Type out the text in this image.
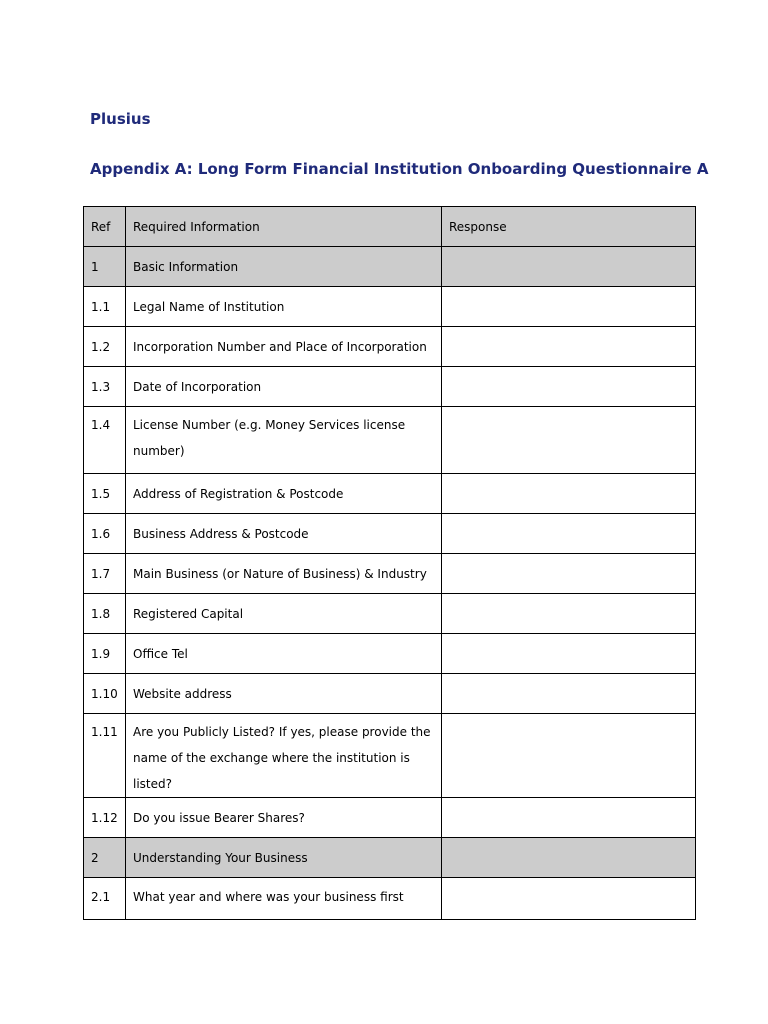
Plusius
Appendix A: Long Form Financial Institution Onboarding Questionnaire A
Ref	Required Information	Response
1	Basic Information	
1.1	Legal Name of Institution	
1.2	Incorporation Number and Place of Incorporation	
1.3	Date of Incorporation	
1.4	License Number (e.g. Money Services license number)	
1.5	Address of Registration & Postcode	
1.6	Business Address & Postcode	
1.7	Main Business (or Nature of Business) & Industry	
1.8	Registered Capital	
1.9	Office Tel	
1.10	Website address	
1.11	Are you Publicly Listed? If yes, please provide the name of the exchange where the institution is listed?	
1.12	Do you issue Bearer Shares?	
2	Understanding Your Business	
2.1	What year and where was your business first	
